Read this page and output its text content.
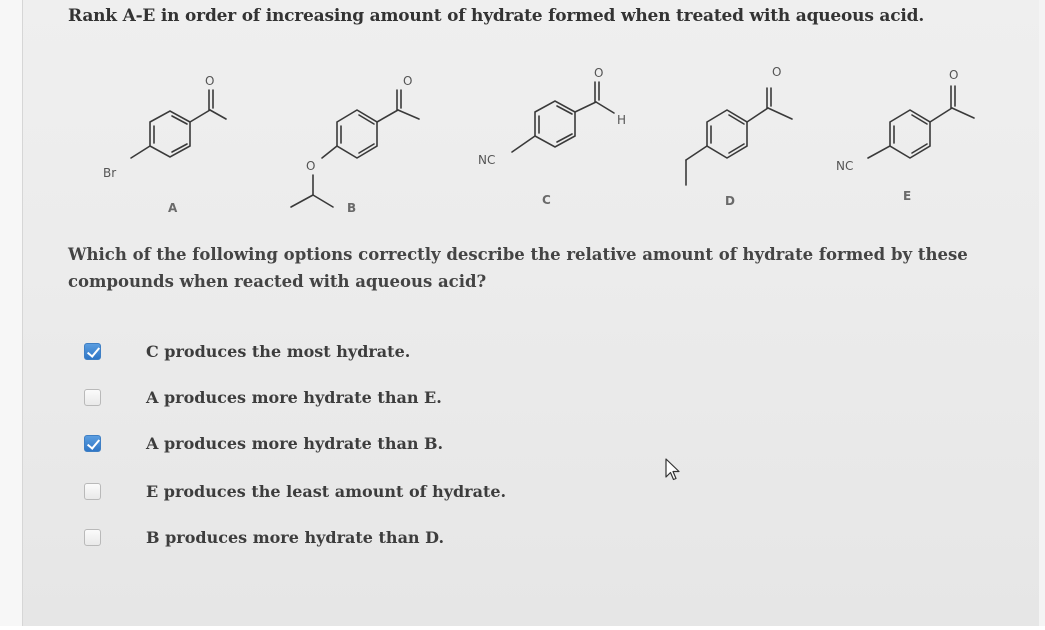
Rank A-E in order of increasing amount of hydrate formed when treated with aqueous acid.
Br
O
A
O
O
B
NC
O
H
C
O
D
NC
O
E
Which of the following options correctly describe the relative amount of hydrate formed by these compounds when reacted with aqueous acid?
C produces the most hydrate.
A produces more hydrate than E.
A produces more hydrate than B.
E produces the least amount of hydrate.
B produces more hydrate than D.
